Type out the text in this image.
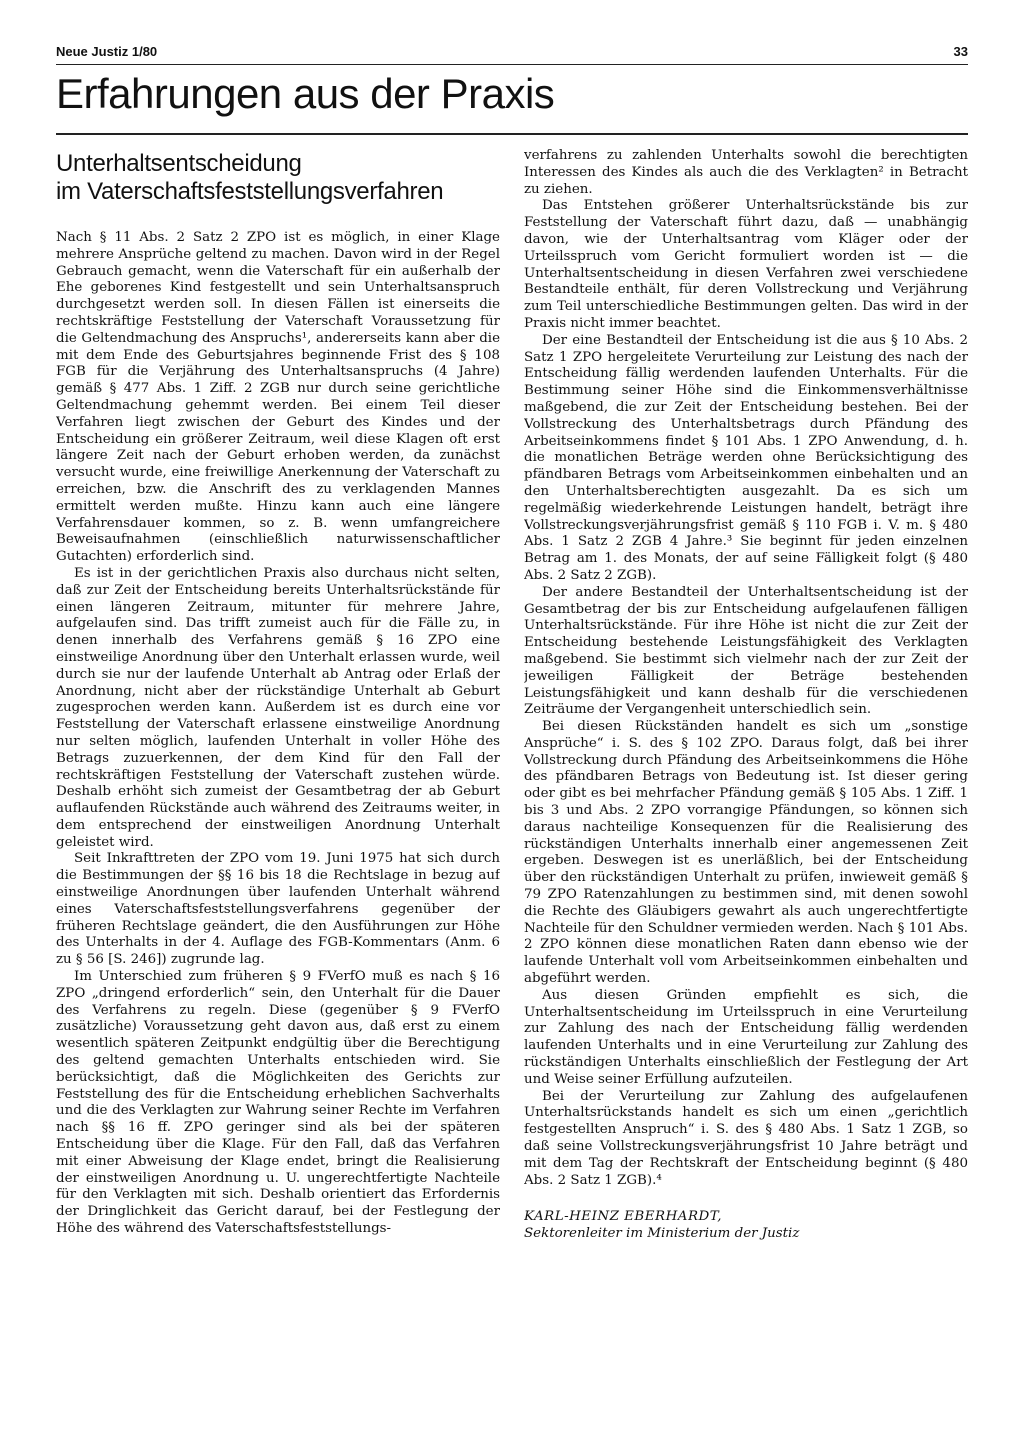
Neue Justiz 1/80	33
Erfahrungen aus der Praxis
Unterhaltsentscheidung
im Vaterschaftsfeststellungsverfahren

Nach § 11 Abs. 2 Satz 2 ZPO ist es möglich, in einer Klage mehrere Ansprüche geltend zu machen. Davon wird in der Regel Gebrauch gemacht, wenn die Vaterschaft für ein außerhalb der Ehe geborenes Kind festgestellt und sein Unterhaltsanspruch durchgesetzt werden soll. In diesen Fällen ist einerseits die rechtskräftige Feststellung der Vaterschaft Voraussetzung für die Geltendmachung des Anspruchs¹, andererseits kann aber die mit dem Ende des Geburtsjahres beginnende Frist des § 108 FGB für die Verjährung des Unterhaltsanspruchs (4 Jahre) gemäß § 477 Abs. 1 Ziff. 2 ZGB nur durch seine gerichtliche Geltendmachung gehemmt werden. Bei einem Teil dieser Verfahren liegt zwischen der Geburt des Kindes und der Entscheidung ein größerer Zeitraum, weil diese Klagen oft erst längere Zeit nach der Geburt erhoben werden, da zunächst versucht wurde, eine freiwillige Anerkennung der Vaterschaft zu erreichen, bzw. die Anschrift des zu verklagenden Mannes ermittelt werden mußte. Hinzu kann auch eine längere Verfahrensdauer kommen, so z. B. wenn umfangreichere Beweisaufnahmen (einschließlich naturwissenschaftlicher Gutachten) erforderlich sind.

Es ist in der gerichtlichen Praxis also durchaus nicht selten, daß zur Zeit der Entscheidung bereits Unterhaltsrückstände für einen längeren Zeitraum, mitunter für mehrere Jahre, aufgelaufen sind. Das trifft zumeist auch für die Fälle zu, in denen innerhalb des Verfahrens gemäß § 16 ZPO eine einstweilige Anordnung über den Unterhalt erlassen wurde, weil durch sie nur der laufende Unterhalt ab Antrag oder Erlaß der Anordnung, nicht aber der rückständige Unterhalt ab Geburt zugesprochen werden kann. Außerdem ist es durch eine vor Feststellung der Vaterschaft erlassene einstweilige Anordnung nur selten möglich, laufenden Unterhalt in voller Höhe des Betrags zuzuerkennen, der dem Kind für den Fall der rechtskräftigen Feststellung der Vaterschaft zustehen würde. Deshalb erhöht sich zumeist der Gesamtbetrag der ab Geburt auflaufenden Rückstände auch während des Zeitraums weiter, in dem entsprechend der einstweiligen Anordnung Unterhalt geleistet wird.

Seit Inkrafttreten der ZPO vom 19. Juni 1975 hat sich durch die Bestimmungen der §§ 16 bis 18 die Rechtslage in bezug auf einstweilige Anordnungen über laufenden Unterhalt während eines Vaterschaftsfeststellungsverfahrens gegenüber der früheren Rechtslage geändert, die den Ausführungen zur Höhe des Unterhalts in der 4. Auflage des FGB-Kommentars (Anm. 6 zu § 56 [S. 246]) zugrunde lag.

Im Unterschied zum früheren § 9 FVerfO muß es nach § 16 ZPO „dringend erforderlich“ sein, den Unterhalt für die Dauer des Verfahrens zu regeln. Diese (gegenüber § 9 FVerfO zusätzliche) Voraussetzung geht davon aus, daß erst zu einem wesentlich späteren Zeitpunkt endgültig über die Berechtigung des geltend gemachten Unterhalts entschieden wird. Sie berücksichtigt, daß die Möglichkeiten des Gerichts zur Feststellung des für die Entscheidung erheblichen Sachverhalts und die des Verklagten zur Wahrung seiner Rechte im Verfahren nach §§ 16 ff. ZPO geringer sind als bei der späteren Entscheidung über die Klage. Für den Fall, daß das Verfahren mit einer Abweisung der Klage endet, bringt die Realisierung der einstweiligen Anordnung u. U. ungerechtfertigte Nachteile für den Verklagten mit sich. Deshalb orientiert das Erfordernis der Dringlichkeit das Gericht darauf, bei der Festlegung der Höhe des während des Vaterschaftsfeststellungs-

verfahrens zu zahlenden Unterhalts sowohl die berechtigten Interessen des Kindes als auch die des Verklagten² in Betracht zu ziehen.

Das Entstehen größerer Unterhaltsrückstände bis zur Feststellung der Vaterschaft führt dazu, daß — unabhängig davon, wie der Unterhaltsantrag vom Kläger oder der Urteilsspruch vom Gericht formuliert worden ist — die Unterhaltsentscheidung in diesen Verfahren zwei verschiedene Bestandteile enthält, für deren Vollstreckung und Verjährung zum Teil unterschiedliche Bestimmungen gelten. Das wird in der Praxis nicht immer beachtet.

Der eine Bestandteil der Entscheidung ist die aus § 10 Abs. 2 Satz 1 ZPO hergeleitete Verurteilung zur Leistung des nach der Entscheidung fällig werdenden laufenden Unterhalts. Für die Bestimmung seiner Höhe sind die Einkommensverhältnisse maßgebend, die zur Zeit der Entscheidung bestehen. Bei der Vollstreckung des Unterhaltsbetrags durch Pfändung des Arbeitseinkommens findet § 101 Abs. 1 ZPO Anwendung, d. h. die monatlichen Beträge werden ohne Berücksichtigung des pfändbaren Betrags vom Arbeitseinkommen einbehalten und an den Unterhaltsberechtigten ausgezahlt. Da es sich um regelmäßig wiederkehrende Leistungen handelt, beträgt ihre Vollstreckungsverjährungsfrist gemäß § 110 FGB i. V. m. § 480 Abs. 1 Satz 2 ZGB 4 Jahre.³ Sie beginnt für jeden einzelnen Betrag am 1. des Monats, der auf seine Fälligkeit folgt (§ 480 Abs. 2 Satz 2 ZGB).

Der andere Bestandteil der Unterhaltsentscheidung ist der Gesamtbetrag der bis zur Entscheidung aufgelaufenen fälligen Unterhaltsrückstände. Für ihre Höhe ist nicht die zur Zeit der Entscheidung bestehende Leistungsfähigkeit des Verklagten maßgebend. Sie bestimmt sich vielmehr nach der zur Zeit der jeweiligen Fälligkeit der Beträge bestehenden Leistungsfähigkeit und kann deshalb für die verschiedenen Zeiträume der Vergangenheit unterschiedlich sein.

Bei diesen Rückständen handelt es sich um „sonstige Ansprüche“ i. S. des § 102 ZPO. Daraus folgt, daß bei ihrer Vollstreckung durch Pfändung des Arbeitseinkommens die Höhe des pfändbaren Betrags von Bedeutung ist. Ist dieser gering oder gibt es bei mehrfacher Pfändung gemäß § 105 Abs. 1 Ziff. 1 bis 3 und Abs. 2 ZPO vorrangige Pfändungen, so können sich daraus nachteilige Konsequenzen für die Realisierung des rückständigen Unterhalts innerhalb einer angemessenen Zeit ergeben. Deswegen ist es unerläßlich, bei der Entscheidung über den rückständigen Unterhalt zu prüfen, inwieweit gemäß § 79 ZPO Ratenzahlungen zu bestimmen sind, mit denen sowohl die Rechte des Gläubigers gewahrt als auch ungerechtfertigte Nachteile für den Schuldner vermieden werden. Nach § 101 Abs. 2 ZPO können diese monatlichen Raten dann ebenso wie der laufende Unterhalt voll vom Arbeitseinkommen einbehalten und abgeführt werden.

Aus diesen Gründen empfiehlt es sich, die Unterhaltsentscheidung im Urteilsspruch in eine Verurteilung zur Zahlung des nach der Entscheidung fällig werdenden laufenden Unterhalts und in eine Verurteilung zur Zahlung des rückständigen Unterhalts einschließlich der Festlegung der Art und Weise seiner Erfüllung aufzuteilen.

Bei der Verurteilung zur Zahlung des aufgelaufenen Unterhaltsrückstands handelt es sich um einen „gerichtlich festgestellten Anspruch“ i. S. des § 480 Abs. 1 Satz 1 ZGB, so daß seine Vollstreckungsverjährungsfrist 10 Jahre beträgt und mit dem Tag der Rechtskraft der Entscheidung beginnt (§ 480 Abs. 2 Satz 1 ZGB).⁴

KARL-HEINZ EBERHARDT,
Sektorenleiter im Ministerium der Justiz
